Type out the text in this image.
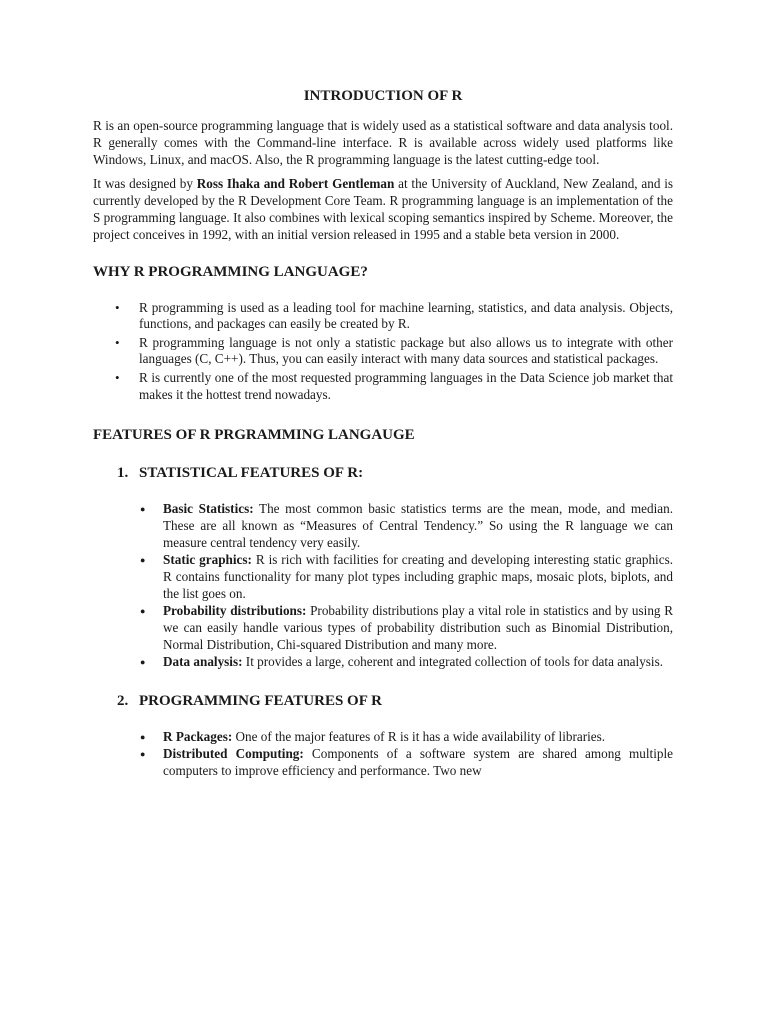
INTRODUCTION OF R

R is an open-source programming language that is widely used as a statistical software and data analysis tool. R generally comes with the Command-line interface. R is available across widely used platforms like Windows, Linux, and macOS. Also, the R programming language is the latest cutting-edge tool.

It was designed by Ross Ihaka and Robert Gentleman at the University of Auckland, New Zealand, and is currently developed by the R Development Core Team. R programming language is an implementation of the S programming language. It also combines with lexical scoping semantics inspired by Scheme. Moreover, the project conceives in 1992, with an initial version released in 1995 and a stable beta version in 2000.

WHY R PROGRAMMING LANGUAGE?
• R programming is used as a leading tool for machine learning, statistics, and data analysis. Objects, functions, and packages can easily be created by R.
• R programming language is not only a statistic package but also allows us to integrate with other languages (C, C++). Thus, you can easily interact with many data sources and statistical packages.
• R is currently one of the most requested programming languages in the Data Science job market that makes it the hottest trend nowadays.
FEATURES OF R PRGRAMMING LANGAUGE
1. STATISTICAL FEATURES OF R:
● Basic Statistics: The most common basic statistics terms are the mean, mode, and median. These are all known as “Measures of Central Tendency.” So using the R language we can measure central tendency very easily.
● Static graphics: R is rich with facilities for creating and developing interesting static graphics. R contains functionality for many plot types including graphic maps, mosaic plots, biplots, and the list goes on.
● Probability distributions: Probability distributions play a vital role in statistics and by using R we can easily handle various types of probability distribution such as Binomial Distribution, Normal Distribution, Chi-squared Distribution and many more.
● Data analysis: It provides a large, coherent and integrated collection of tools for data analysis.
2. PROGRAMMING FEATURES OF R
● R Packages: One of the major features of R is it has a wide availability of libraries.
● Distributed Computing: Components of a software system are shared among multiple computers to improve efficiency and performance. Two new
